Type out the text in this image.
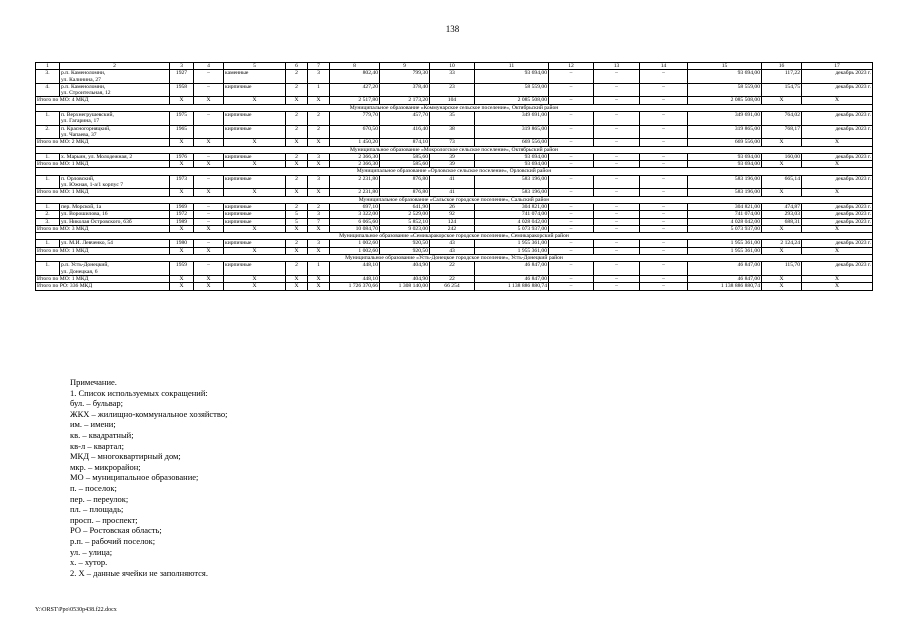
138
1	2	3	4	5	6	7	8	9	10	11	12	13	14	15	16	17
3.	р.п. Каменоломни,
ул. Калинина, 27	1927	–	каменные	2	3	802,40	799,30	33	93 694,00	–	–	–	93 694,00	117,22	декабрь 2023 г.
4.	р.п. Каменоломни,
ул. Строительная, 12	1958	–	кирпичные	2	1	427,20	378,40	23	58 559,00	–	–	–	58 559,00	154,75	декабрь 2023 г.
Итого по МО: 4 МКД		Х	Х	Х	Х	Х	2 517,80	2 173,20	104	2 085 508,00	–	–	–	2 085 508,00	Х	Х
Муниципальное образование «Коммунарское сельское поселение», Октябрьский район																
1.	п. Верхнегрушевский,
ул. Гагарина, 17	1975	–	кирпичные	2	2	779,70	457,70	35	349 691,00	–	–	–	349 691,00	764,02	декабрь 2023 г.
2.	п. Красногорняцкий,
ул. Чапаева, 37	1965		кирпичные	2	2	670,50	416,40	38	319 865,00	–	–	–	319 865,00	768,17	декабрь 2023 г.
Итого по МО: 2 МКД		Х	Х	Х	Х	Х	1 450,20	874,10	73	669 556,00	–	–	–	669 556,00	Х	Х
Муниципальное образование «Мокрологское сельское поселение», Октябрьский район																
1.	х. Марьин, ул. Молодежная, 2	1976	–	кирпичные	2	3	2 366,30	585,60	39	93 694,00	–	–	–	93 694,00	160,00	декабрь 2023 г.
Итого по МО: 1 МКД		Х	Х	Х	Х	Х	2 366,30	585,60	39	93 694,00	–	–	–	93 694,00	Х	Х
Муниципальное образование «Орловское сельское поселение», Орловский район																
1.	п. Орловский,
ул. Южная, 1-а/1 корпус 7	1973	–	кирпичные	2	3	2 231,80	876,80	41	583 196,00	–	–	–	583 196,00	665,14	декабрь 2023 г.
Итого по МО: 1 МКД		Х	Х	Х	Х	Х	2 231,80	876,80	41	583 196,00	–	–	–	583 196,00	Х	Х
Муниципальное образование «Сальское городское поселение», Сальский район																
1.	пер. Морской, 1а	1969	–	кирпичные	2	2	697,10	641,90	26	304 821,00	–	–	–	304 821,00	474,87	декабрь 2023 г.
2.	ул. Ворошилова, 16	1972	–	кирпичные	5	3	3 322,00	2 529,00	92	741 074,00	–	–	–	741 074,00	293,03	декабрь 2023 г.
3.	ул. Николая Островского, 63б	1989	–	кирпичные	5	7	6 065,60	5 852,10	124	4 028 042,00	–	–	–	4 028 042,00	688,31	декабрь 2023 г.
Итого по МО: 3 МКД		Х	Х	Х	Х	Х	10 084,70	9 023,00	242	5 073 937,00	–	–	–	5 073 937,00	Х	Х
Муниципальное образование «Семикаракорское городское поселение», Семикаракорский район																
1.	ул. М.И. Левченко, 54	1980	–	кирпичные	2	3	1 002,60	920,50	43	1 955 361,00	–	–	–	1 955 361,00	2 124,24	декабрь 2023 г.
Итого по МО: 1 МКД		Х	Х	Х	Х	Х	1 002,60	920,50	43	1 955 361,00	–	–	–	1 955 361,00	Х	Х
Муниципальное образование «Усть-Донецкое городское поселение», Усть-Донецкий район																
1.	р.п. Усть-Донецкий,
ул. Донецкая, 6	1959	–	кирпичные	2	1	448,10	404,90	22	46 847,00	–	–	–	46 847,00	115,70	декабрь 2023 г.
Итого по МО: 1 МКД		Х	Х	Х	Х	Х	448,10	404,90	22	46 847,00	–	–	–	46 847,00	Х	Х
Итого по РО: 336 МКД		Х	Х	Х	Х	Х	1 726 370,66	1 308 140,00	66 254	1 138 886 880,74	–	–	–	1 138 886 880,74	Х	Х
Примечание.
1. Список используемых сокращений:
бул. – бульвар;
ЖКХ – жилищно-коммунальное хозяйство;
им. – имени;
кв. – квадратный;
кв-л – квартал;
МКД – многоквартирный дом;
мкр. – микрорайон;
МО – муниципальное образование;
п. – поселок;
пер. – переулок;
пл. – площадь;
просп. – проспект;
РО – Ростовская область;
р.п. – рабочий поселок;
ул. – улица;
х. – хутор.
2. Х – данные ячейки не заполняются.
Y:\ORST\Ppo\0530p438.f22.docx
